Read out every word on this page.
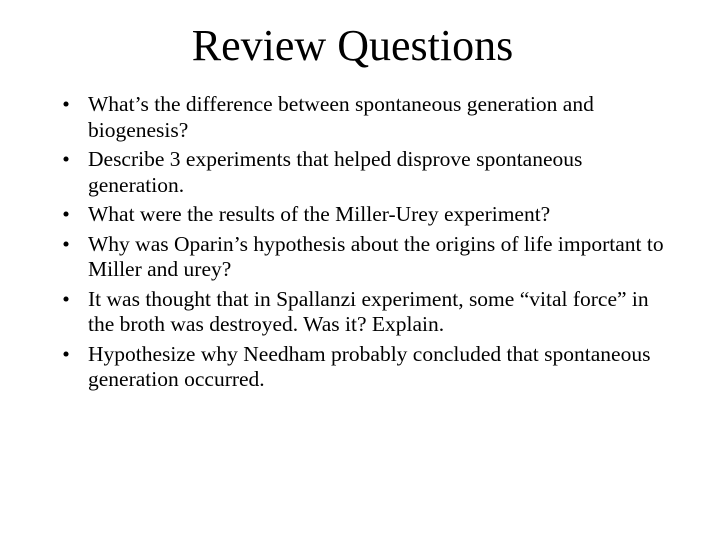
Review Questions
• What’s the difference between spontaneous generation and biogenesis?
• Describe 3 experiments that helped disprove spontaneous generation.
• What were the results of the Miller-Urey experiment?
• Why was Oparin’s hypothesis about the origins of life important to Miller and urey?
• It was thought that in Spallanzi experiment, some “vital force” in the broth was destroyed. Was it? Explain.
• Hypothesize why Needham probably concluded that spontaneous generation occurred.
